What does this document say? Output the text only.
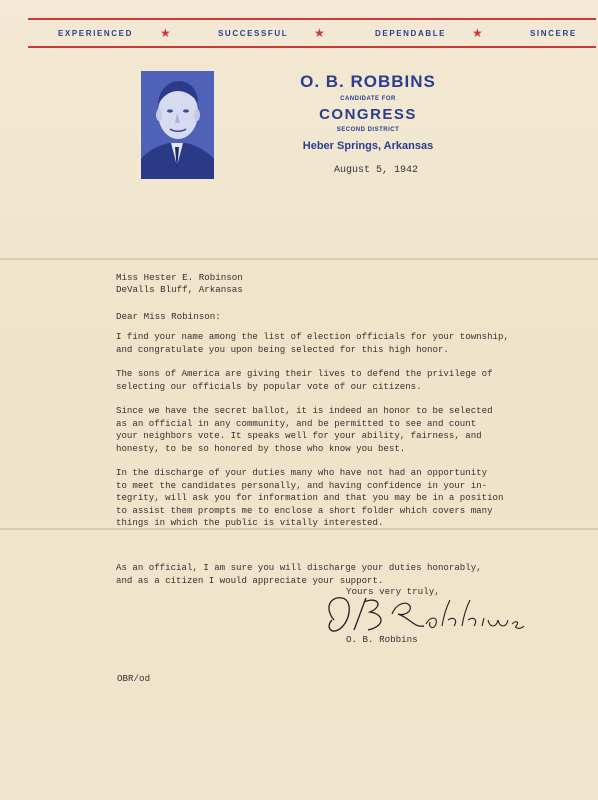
EXPERIENCED ★	SUCCESSFUL ★	DEPENDABLE ★	SINCERE
O. B. ROBBINS
CANDIDATE FOR
CONGRESS
SECOND DISTRICT
Heber Springs, Arkansas
August 5, 1942
Miss Hester E. Robinson
DeValls Bluff, Arkansas
Dear Miss Robinson:
I find your name among the list of election officials for your township,
and congratulate you upon being selected for this high honor.
The sons of America are giving their lives to defend the privilege of
selecting our officials by popular vote of our citizens.
Since we have the secret ballot, it is indeed an honor to be selected
as an official in any community, and be permitted to see and count
your neighbors vote. It speaks well for your ability, fairness, and
honesty, to be so honored by those who know you best.
In the discharge of your duties many who have not had an opportunity
to meet the candidates personally, and having confidence in your in-
tegrity, will ask you for information and that you may be in a position
to assist them prompts me to enclose a short folder which covers many
things in which the public is vitally interested.
As an official, I am sure you will discharge your duties honorably,
and as a citizen I would appreciate your support.
Yours very truly,
O. B. Robbins
OBR/od
